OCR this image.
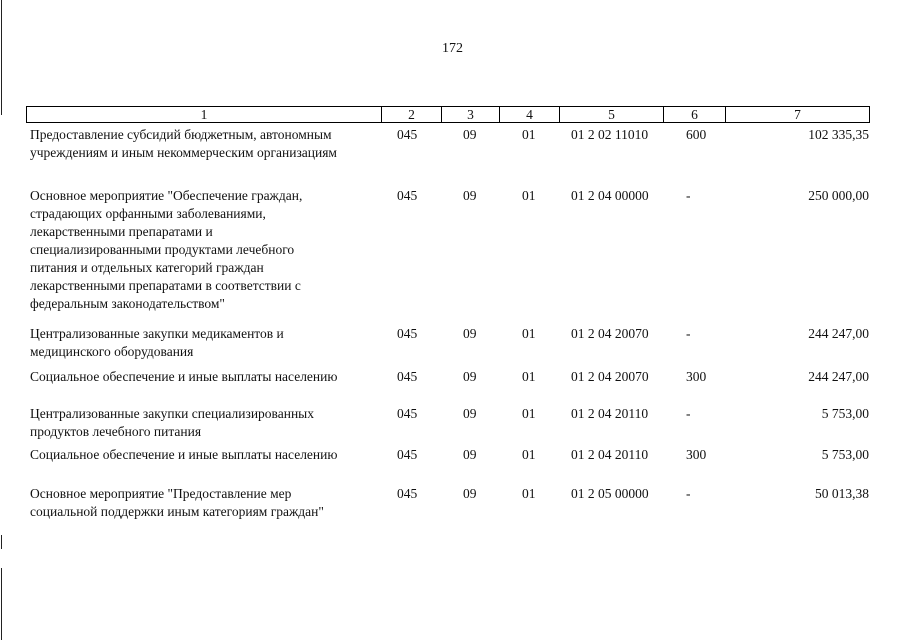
172
1	2	3	4	5	6	7
Предоставление субсидий бюджетным, автономным
учреждениям и иным некоммерческим организациям
045	09	01	01 2 02 11010	600	102 335,35
Основное мероприятие "Обеспечение граждан,
страдающих орфанными заболеваниями,
лекарственными препаратами и
специализированными продуктами лечебного
питания и отдельных категорий граждан
лекарственными препаратами в соответствии с
федеральным законодательством"
045	09	01	01 2 04 00000	-	250 000,00
Централизованные закупки медикаментов и
медицинского оборудования
045	09	01	01 2 04 20070	-	244 247,00
Социальное обеспечение и иные выплаты населению	045	09	01	01 2 04 20070	300	244 247,00
Централизованные закупки специализированных
продуктов лечебного питания
045	09	01	01 2 04 20110	-	5 753,00
Социальное обеспечение и иные выплаты населению	045	09	01	01 2 04 20110	300	5 753,00
Основное мероприятие "Предоставление мер
социальной поддержки иным категориям граждан"
045	09	01	01 2 05 00000	-	50 013,38
